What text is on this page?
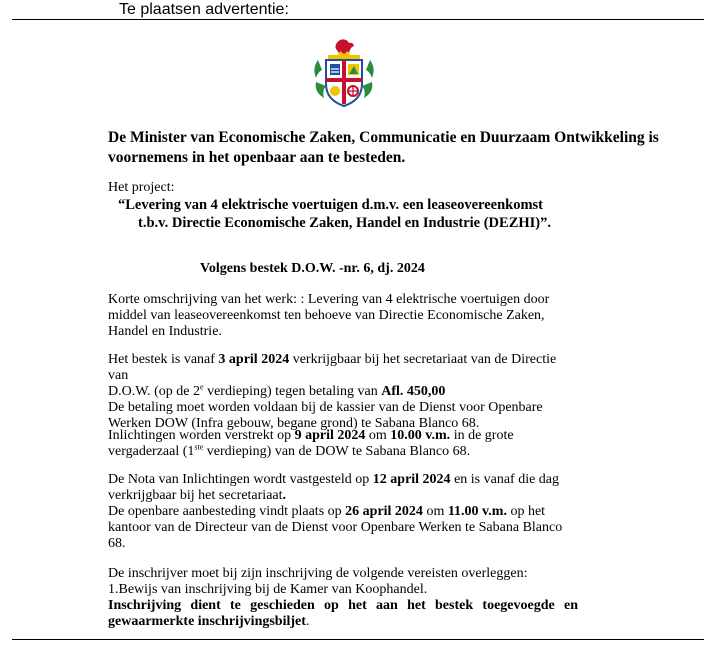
Te plaatsen advertentie:
De Minister van Economische Zaken, Communicatie en Duurzaam Ontwikkeling is
voornemens in het openbaar aan te besteden.
Het project:
“Levering van 4 elektrische voertuigen d.m.v. een leaseovereenkomst
t.b.v. Directie Economische Zaken, Handel en Industrie (DEZHI)”.
Volgens bestek D.O.W. -nr. 6, dj. 2024
Korte omschrijving van het werk: : Levering van 4 elektrische voertuigen door
middel van leaseovereenkomst ten behoeve van Directie Economische Zaken,
Handel en Industrie.
Het bestek is vanaf 3 april 2024 verkrijgbaar bij het secretariaat van de Directie van
D.O.W. (op de 2e verdieping) tegen betaling van Afl. 450,00
De betaling moet worden voldaan bij de kassier van de Dienst voor Openbare
Werken DOW (Infra gebouw, begane grond) te Sabana Blanco 68.
Inlichtingen worden verstrekt op 9 april 2024 om 10.00 v.m. in de grote
vergaderzaal (1ste verdieping) van de DOW te Sabana Blanco 68.
De Nota van Inlichtingen wordt vastgesteld op 12 april 2024 en is vanaf die dag
verkrijgbaar bij het secretariaat.
De openbare aanbesteding vindt plaats op 26 april 2024 om 11.00 v.m. op het
kantoor van de Directeur van de Dienst voor Openbare Werken te Sabana Blanco
68.
De inschrijver moet bij zijn inschrijving de volgende vereisten overleggen:
1.Bewijs van inschrijving bij de Kamer van Koophandel.
Inschrijving dient te geschieden op het aan het bestek toegevoegde en
gewaarmerkte inschrijvingsbiljet.
